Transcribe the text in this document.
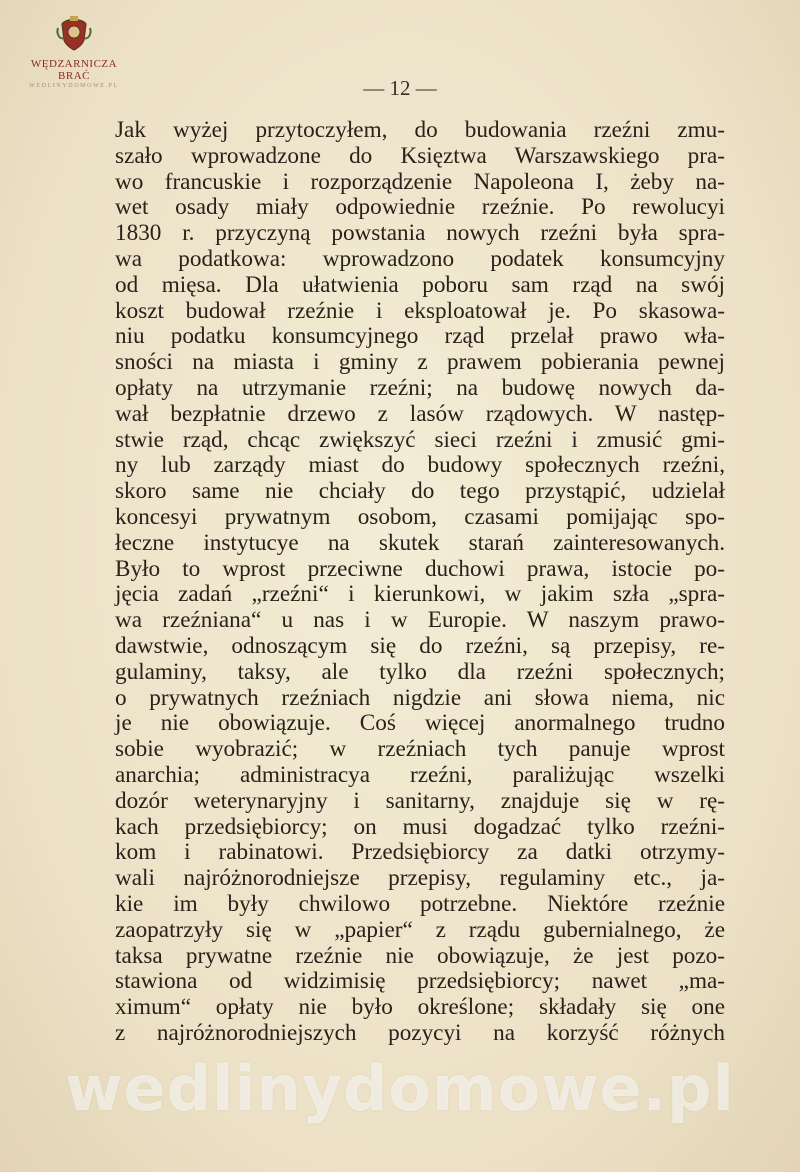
WĘDZARNICZA BRAĆ
WEDLINYDOMOWE.PL	— 12 —
Jak wyżej przytoczyłem, do budowania rzeźni zmu-
szało wprowadzone do Księztwa Warszawskiego pra-
wo francuskie i rozporządzenie Napoleona I, żeby na-
wet osady miały odpowiednie rzeźnie. Po rewolucyi
1830 r. przyczyną powstania nowych rzeźni była spra-
wa podatkowa: wprowadzono podatek konsumcyjny
od mięsa. Dla ułatwienia poboru sam rząd na swój
koszt budował rzeźnie i eksploatował je. Po skasowa-
niu podatku konsumcyjnego rząd przelał prawo wła-
sności na miasta i gminy z prawem pobierania pewnej
opłaty na utrzymanie rzeźni; na budowę nowych da-
wał bezpłatnie drzewo z lasów rządowych. W następ-
stwie rząd, chcąc zwiększyć sieci rzeźni i zmusić gmi-
ny lub zarządy miast do budowy społecznych rzeźni,
skoro same nie chciały do tego przystąpić, udzielał
koncesyi prywatnym osobom, czasami pomijając spo-
łeczne instytucye na skutek starań zainteresowanych.
Było to wprost przeciwne duchowi prawa, istocie po-
jęcia zadań „rzeźni“ i kierunkowi, w jakim szła „spra-
wa rzeźniana“ u nas i w Europie. W naszym prawo-
dawstwie, odnoszącym się do rzeźni, są przepisy, re-
gulaminy, taksy, ale tylko dla rzeźni społecznych;
o prywatnych rzeźniach nigdzie ani słowa niema, nic
je nie obowiązuje. Coś więcej anormalnego trudno
sobie wyobrazić; w rzeźniach tych panuje wprost
anarchia; administracya rzeźni, paraliżując wszelki
dozór weterynaryjny i sanitarny, znajduje się w rę-
kach przedsiębiorcy; on musi dogadzać tylko rzeźni-
kom i rabinatowi. Przedsiębiorcy za datki otrzymy-
wali najróżnorodniejsze przepisy, regulaminy etc., ja-
kie im były chwilowo potrzebne. Niektóre rzeźnie
zaopatrzyły się w „papier“ z rządu gubernialnego, że
taksa prywatne rzeźnie nie obowiązuje, że jest pozo-
stawiona od widzimisię przedsiębiorcy; nawet „ma-
ximum“ opłaty nie było określone; składały się one
z najróżnorodniejszych pozycyi na korzyść różnych
wedlinydomowe.pl
